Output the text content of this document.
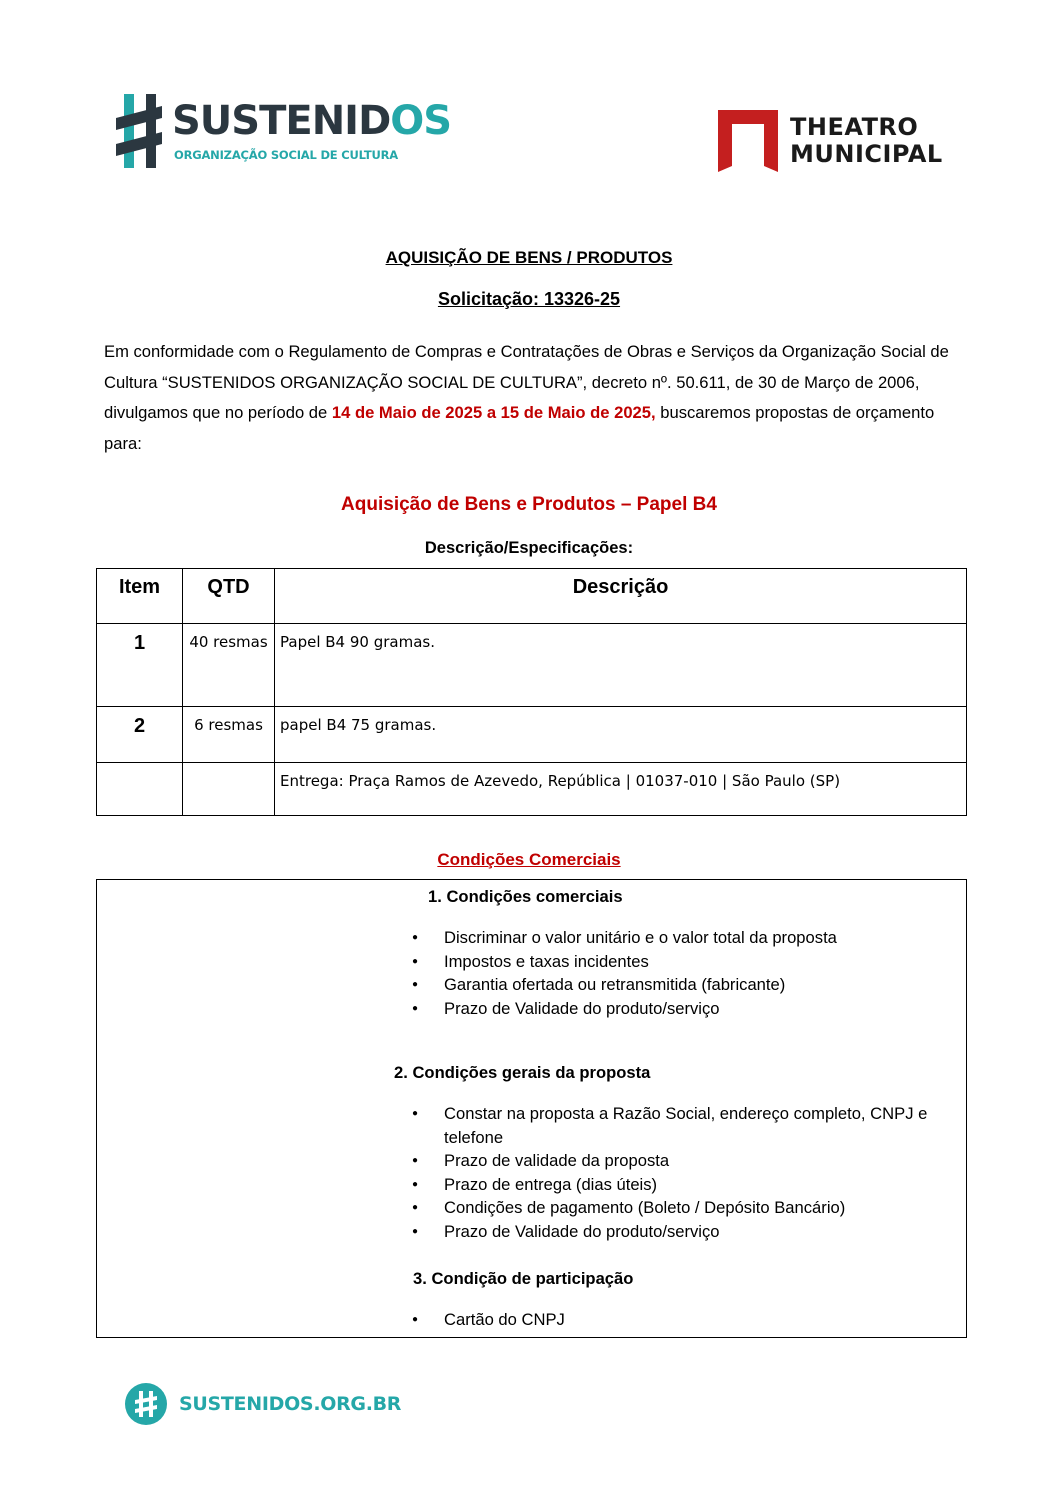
SUSTENIDOS
ORGANIZAÇÃO SOCIAL DE CULTURA
THEATRO
MUNICIPAL
AQUISIÇÃO DE BENS / PRODUTOS
Solicitação: 13326-25
Em conformidade com o Regulamento de Compras e Contratações de Obras e Serviços da Organização Social de Cultura “SUSTENIDOS ORGANIZAÇÃO SOCIAL DE CULTURA”, decreto nº. 50.611, de 30 de Março de 2006, divulgamos que no período de 14 de Maio de 2025 a 15 de Maio de 2025, buscaremos propostas de orçamento para:
Aquisição de Bens e Produtos – Papel B4
Descrição/Especificações:
Item	QTD	Descrição

1	40 resmas	Papel B4 90 gramas.

2	6 resmas	papel B4 75 gramas.

		Entrega: Praça Ramos de Azevedo, República | 01037-010 | São Paulo (SP)
Condições Comerciais
1. Condições comerciais
● Discriminar o valor unitário e o valor total da proposta
● Impostos e taxas incidentes
● Garantia ofertada ou retransmitida (fabricante)
● Prazo de Validade do produto/serviço
2. Condições gerais da proposta
● Constar na proposta a Razão Social, endereço completo, CNPJ e telefone
● Prazo de validade da proposta
● Prazo de entrega (dias úteis)
● Condições de pagamento (Boleto / Depósito Bancário)
● Prazo de Validade do produto/serviço
3. Condição de participação
● Cartão do CNPJ
SUSTENIDOS.ORG.BR
